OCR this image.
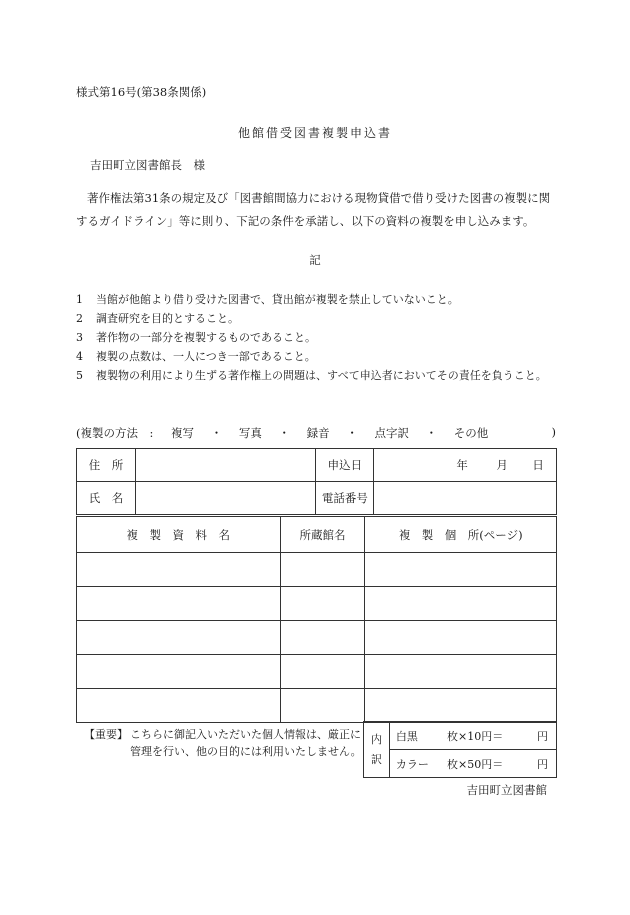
様式第16号(第38条関係)
他館借受図書複製申込書
吉田町立図書館長　様
著作権法第31条の規定及び「図書館間協力における現物貸借で借り受けた図書の複製に関するガイドライン」等に則り、下記の条件を承諾し、以下の資料の複製を申し込みます。
記
1	当館が他館より借り受けた図書で、貸出館が複製を禁止していないこと。
2	調査研究を目的とすること。
3	著作物の一部分を複製するものであること。
4	複製の点数は、一人につき一部であること。
5	複製物の利用により生ずる著作権上の問題は、すべて申込者においてその責任を負うこと。
(複製の方法　: 複写 ・ 写真 ・ 録音 ・ 点字訳 ・ その他	)
住　所		申込日	年 月 日

氏　名		電話番号	
複　製　資　料　名	所蔵館名	複　製　個　所(ページ)

【重要】 こちらに御記入いただいた個人情報は、厳正に管理を行い、他の目的には利用いたしません。
内
訳	白黒	枚×10円＝ 円

	カラー	枚×50円＝ 円
吉田町立図書館
